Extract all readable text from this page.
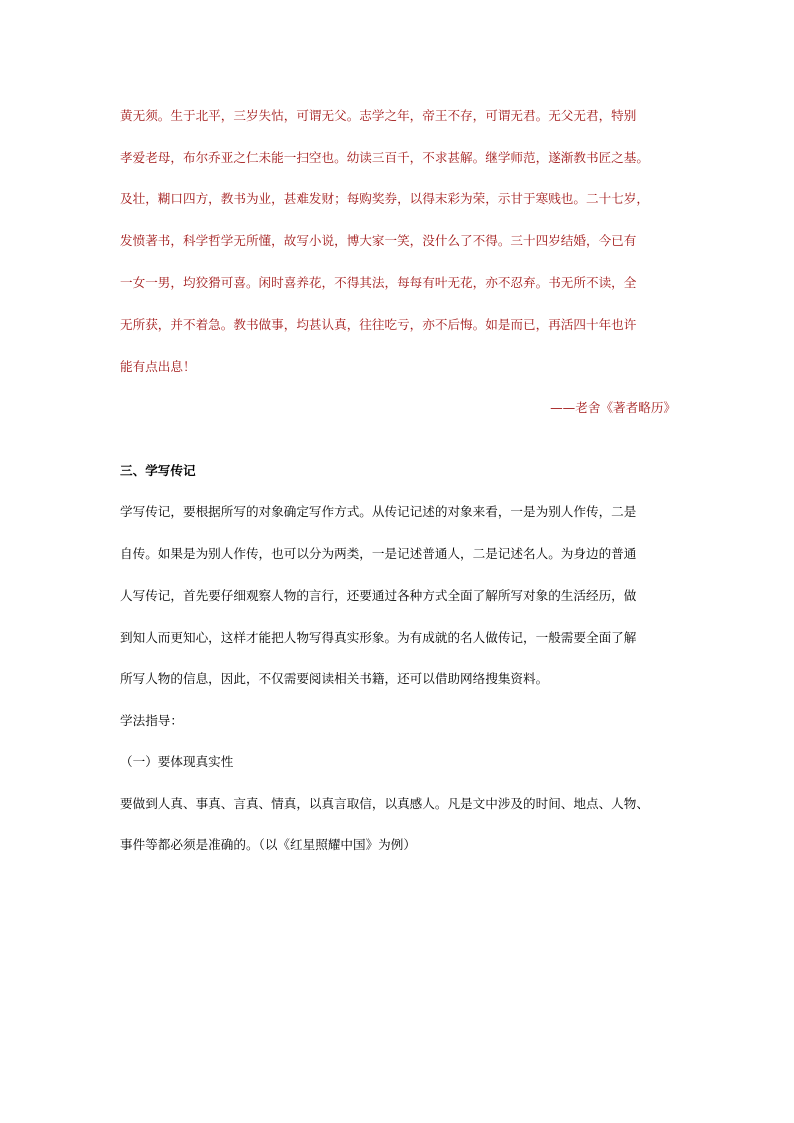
黄无须。生于北平，三岁失怙，可谓无父。志学之年，帝王不存，可谓无君。无父无君，特别
孝爱老母，布尔乔亚之仁未能一扫空也。幼读三百千，不求甚解。继学师范，遂渐教书匠之基。
及壮，糊口四方，教书为业，甚难发财；每购奖券，以得末彩为荣，示甘于寒贱也。二十七岁，
发愤著书，科学哲学无所懂，故写小说，博大家一笑，没什么了不得。三十四岁结婚，今已有
一女一男，均狡猾可喜。闲时喜养花，不得其法，每每有叶无花，亦不忍弃。书无所不读，全
无所获，并不着急。教书做事，均甚认真，往往吃亏，亦不后悔。如是而已，再活四十年也许
能有点出息！
——老舍《著者略历》
三、学写传记
学写传记，要根据所写的对象确定写作方式。从传记记述的对象来看，一是为别人作传，二是
自传。如果是为别人作传，也可以分为两类，一是记述普通人，二是记述名人。为身边的普通
人写传记，首先要仔细观察人物的言行，还要通过各种方式全面了解所写对象的生活经历，做
到知人而更知心，这样才能把人物写得真实形象。为有成就的名人做传记，一般需要全面了解
所写人物的信息，因此，不仅需要阅读相关书籍，还可以借助网络搜集资料。
学法指导：
（一）要体现真实性
要做到人真、事真、言真、情真，以真言取信，以真感人。凡是文中涉及的时间、地点、人物、
事件等都必须是准确的。（以《红星照耀中国》为例）
